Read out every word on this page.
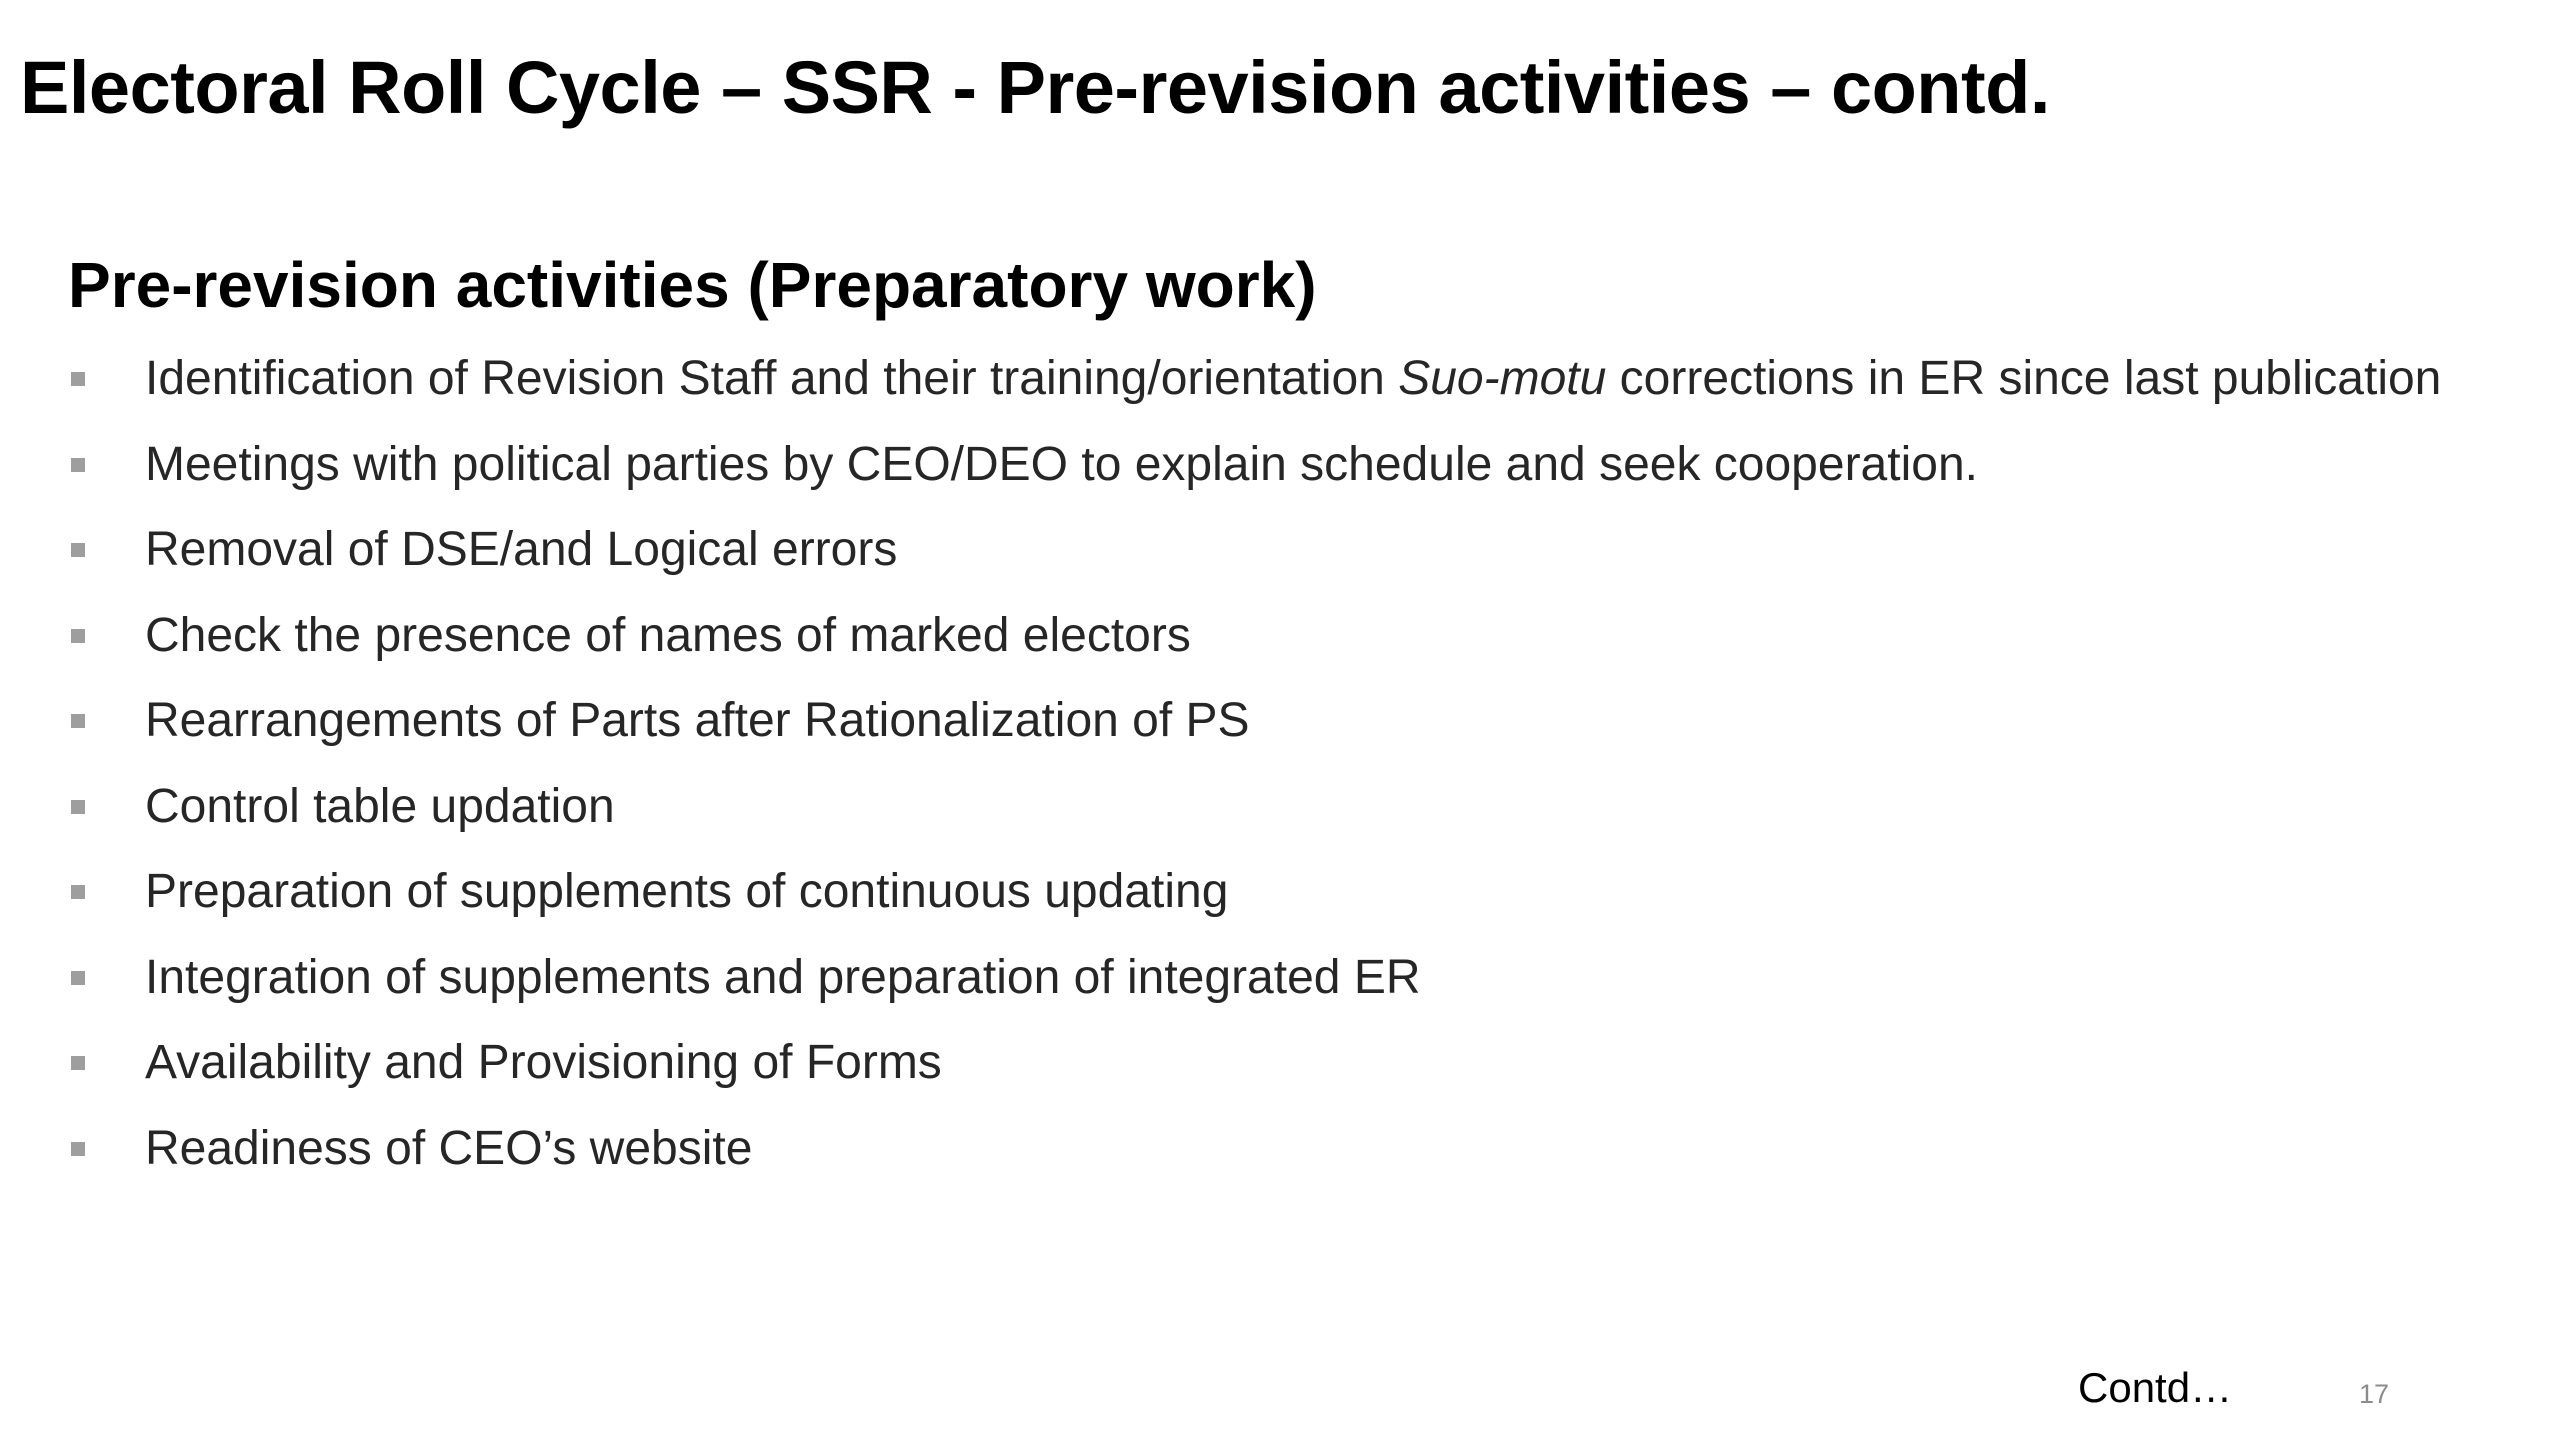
Electoral Roll Cycle – SSR - Pre-revision activities – contd.
Pre-revision activities (Preparatory work)
Identification of Revision Staff and their training/orientation Suo-motu corrections in ER since last publication
Meetings with political parties by CEO/DEO to explain schedule and seek cooperation.
Removal of DSE/and Logical errors
Check the presence of names of marked electors
Rearrangements of Parts after Rationalization of PS
Control table updation
Preparation of supplements of continuous updating
Integration of supplements and preparation of integrated ER
Availability and Provisioning of Forms
Readiness of CEO’s website
Contd…	17
